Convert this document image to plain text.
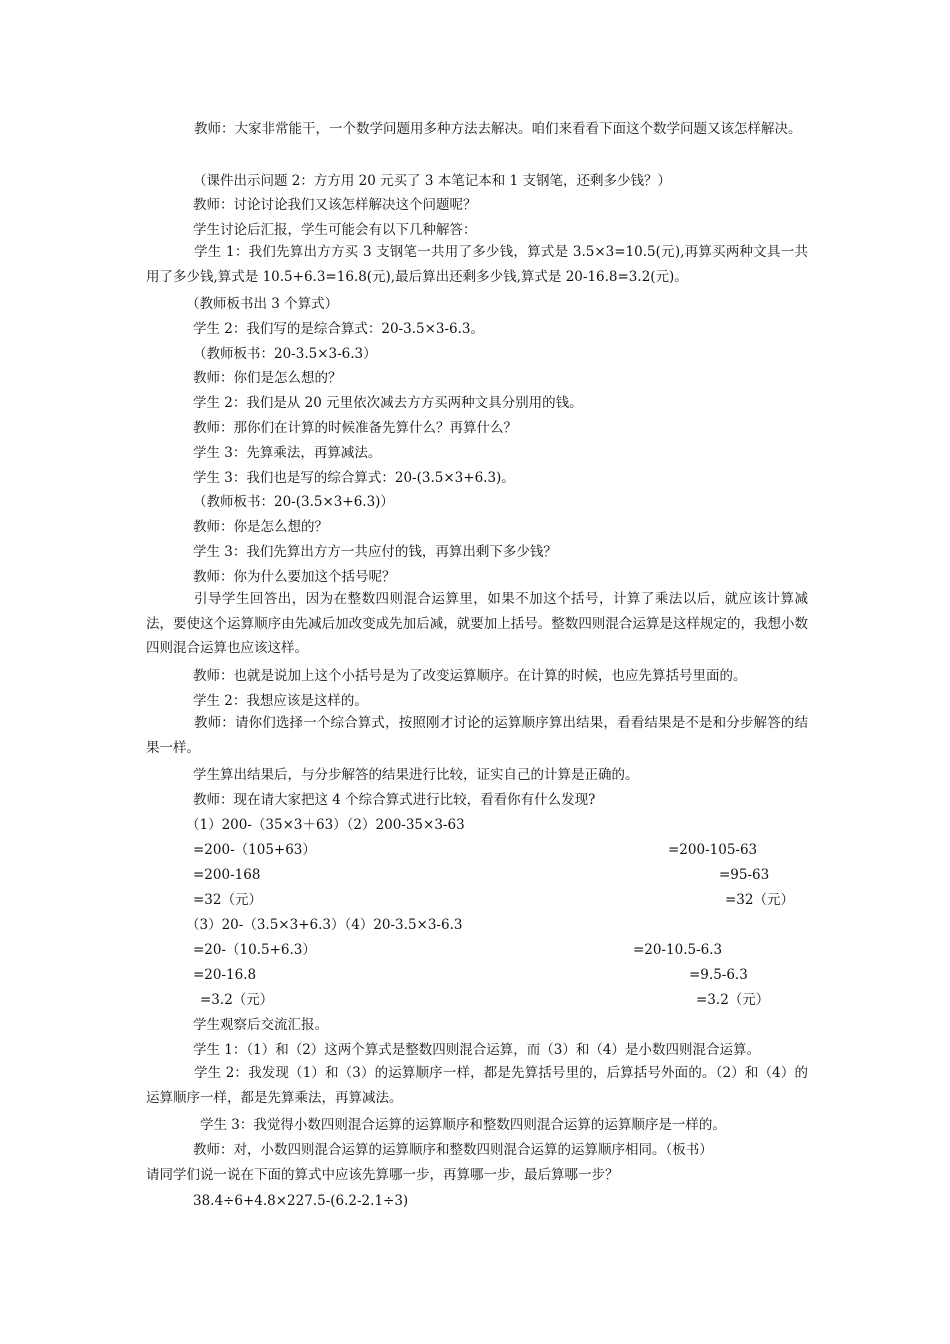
教师：大家非常能干，一个数学问题用多种方法去解决。咱们来看看下面这个数学问题又该怎样解决。
（课件出示问题 2：方方用 20 元买了 3 本笔记本和 1 支钢笔，还剩多少钱？）
教师：讨论讨论我们又该怎样解决这个问题呢？
学生讨论后汇报，学生可能会有以下几种解答：
学生 1：我们先算出方方买 3 支钢笔一共用了多少钱，算式是 3.5×3=10.5(元),再算买两种文具一共用了多少钱,算式是 10.5+6.3=16.8(元),最后算出还剩多少钱,算式是 20-16.8=3.2(元)。
（教师板书出 3 个算式）
学生 2：我们写的是综合算式：20-3.5×3-6.3。
（教师板书：20-3.5×3-6.3）
教师：你们是怎么想的？
学生 2：我们是从 20 元里依次减去方方买两种文具分别用的钱。
教师：那你们在计算的时候准备先算什么？再算什么？
学生 3：先算乘法，再算减法。
学生 3：我们也是写的综合算式：20-(3.5×3+6.3)。
（教师板书：20-(3.5×3+6.3)）
教师：你是怎么想的？
学生 3：我们先算出方方一共应付的钱，再算出剩下多少钱？
教师：你为什么要加这个括号呢？
引导学生回答出，因为在整数四则混合运算里，如果不加这个括号，计算了乘法以后，就应该计算减法，要使这个运算顺序由先减后加改变成先加后减，就要加上括号。整数四则混合运算是这样规定的，我想小数四则混合运算也应该这样。
教师：也就是说加上这个小括号是为了改变运算顺序。在计算的时候，也应先算括号里面的。
学生 2：我想应该是这样的。
教师：请你们选择一个综合算式，按照刚才讨论的运算顺序算出结果，看看结果是不是和分步解答的结果一样。
学生算出结果后，与分步解答的结果进行比较，证实自己的计算是正确的。
教师：现在请大家把这 4 个综合算式进行比较，看看你有什么发现?
（1）200-（35×3＋63）（2）200-35×3-63
=200-（105+63）	=200-105-63
=200-168	=95-63
=32（元）	=32（元）
（3）20-（3.5×3+6.3）（4）20-3.5×3-6.3
=20-（10.5+6.3）	=20-10.5-6.3
=20-16.8	=9.5-6.3
=3.2（元）	=3.2（元）
学生观察后交流汇报。
学生 1：（1）和（2）这两个算式是整数四则混合运算，而（3）和（4）是小数四则混合运算。
学生 2：我发现（1）和（3）的运算顺序一样，都是先算括号里的，后算括号外面的。（2）和（4）的运算顺序一样，都是先算乘法，再算减法。
学生 3：我觉得小数四则混合运算的运算顺序和整数四则混合运算的运算顺序是一样的。
教师：对，小数四则混合运算的运算顺序和整数四则混合运算的运算顺序相同。（板书）
请同学们说一说在下面的算式中应该先算哪一步，再算哪一步，最后算哪一步？
38.4÷6+4.8×227.5-(6.2-2.1÷3)
